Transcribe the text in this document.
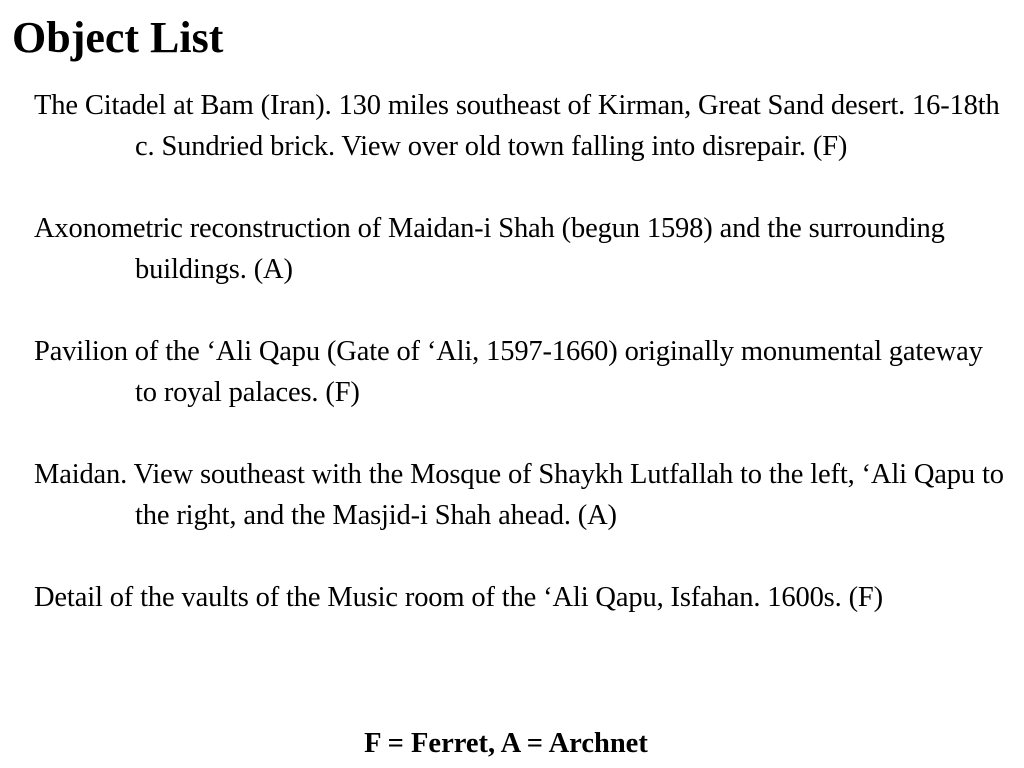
Object List
The Citadel at Bam (Iran). 130 miles southeast of Kirman, Great Sand desert. 16-18th c. Sundried brick. View over old town falling into disrepair. (F)
Axonometric reconstruction of Maidan-i Shah (begun 1598) and the surrounding buildings. (A)
Pavilion of the ‘Ali Qapu (Gate of ‘Ali, 1597-1660) originally monumental gateway to royal palaces. (F)
Maidan. View southeast with the Mosque of Shaykh Lutfallah to the left, ‘Ali Qapu to the right, and the Masjid-i Shah ahead. (A)
Detail of the vaults of the Music room of the ‘Ali Qapu, Isfahan. 1600s. (F)

F = Ferret, A = Archnet
